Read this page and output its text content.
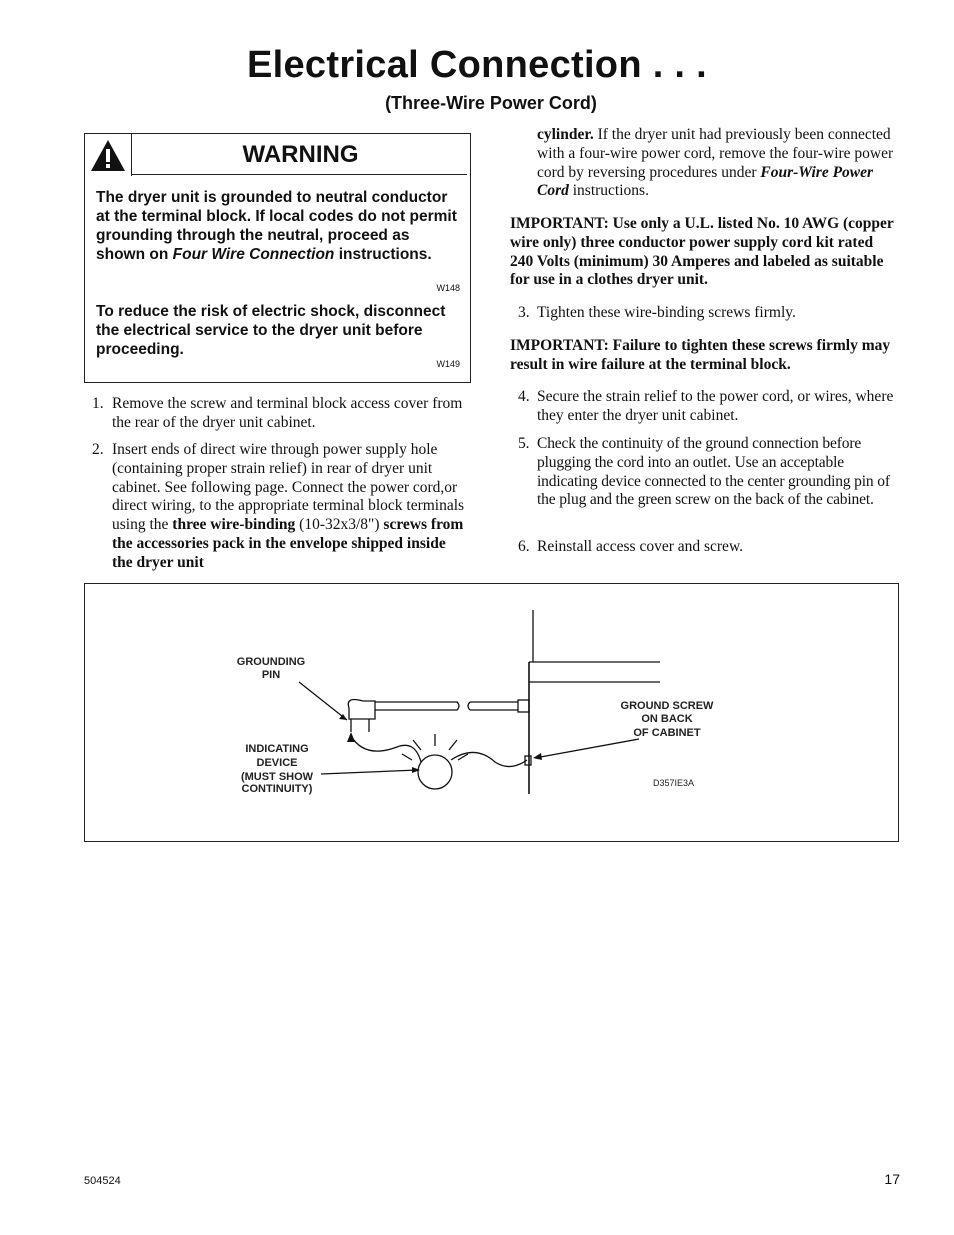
Electrical Connection . . .
(Three-Wire Power Cord)
WARNING

The dryer unit is grounded to neutral conductor at the terminal block. If local codes do not permit grounding through the neutral, proceed as shown on Four Wire Connection instructions.

W148

To reduce the risk of electric shock, disconnect the electrical service to the dryer unit before proceeding.

W149
1. Remove the screw and terminal block access cover from the rear of the dryer unit cabinet.
2. Insert ends of direct wire through power supply hole (containing proper strain relief) in rear of dryer unit cabinet. See following page. Connect the power cord,or direct wiring, to the appropriate terminal block terminals using the three wire-binding (10-32x3/8") screws from the accessories pack in the envelope shipped inside the dryer unit

cylinder. If the dryer unit had previously been connected with a four-wire power cord, remove the four-wire power cord by reversing procedures under Four-Wire Power Cord instructions.

IMPORTANT: Use only a U.L. listed No. 10 AWG (copper wire only) three conductor power supply cord kit rated 240 Volts (minimum) 30 Amperes and labeled as suitable for use in a clothes dryer unit.

3. Tighten these wire-binding screws firmly.

IMPORTANT: Failure to tighten these screws firmly may result in wire failure at the terminal block.

4. Secure the strain relief to the power cord, or wires, where they enter the dryer unit cabinet.
5. Check the continuity of the ground connection before plugging the cord into an outlet. Use an acceptable indicating device connected to the center grounding pin of the plug and the green screw on the back of the cabinet.
6. Reinstall access cover and screw.
GROUNDING
PIN
INDICATING
DEVICE
(MUST SHOW
CONTINUITY)
GROUND SCREW
ON BACK
OF CABINET
D357IE3A
504524	17
